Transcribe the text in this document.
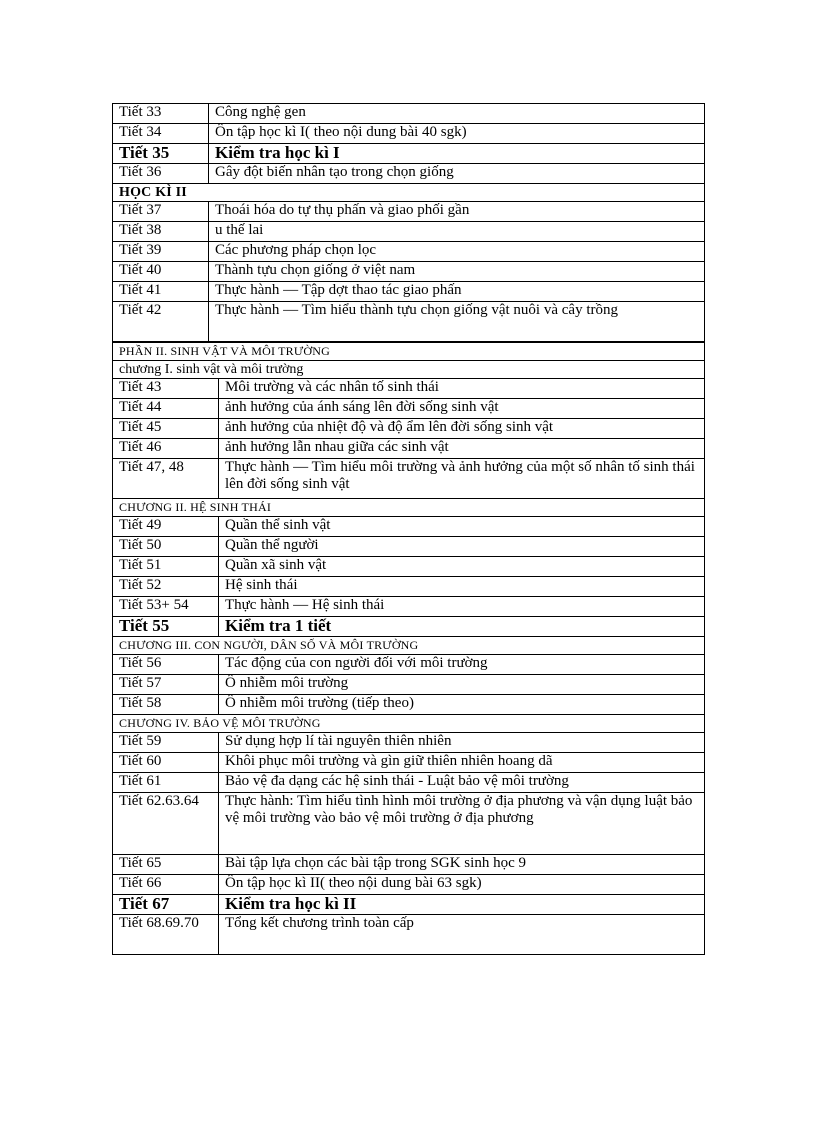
Tiết 33	Công nghệ gen
Tiết 34	Ôn tập học kì I( theo nội dung bài 40 sgk)
Tiết 35	Kiểm tra học kì I
Tiết 36	Gây đột biến nhân tạo trong chọn giống
HỌC KÌ II	
Tiết 37	Thoái hóa do tự thụ phấn và giao phối gần
Tiết 38	u thế lai
Tiết 39	Các phương pháp chọn lọc
Tiết 40	Thành tựu chọn giống ở việt nam
Tiết 41	Thực hành — Tập dợt thao tác giao phấn
Tiết 42	Thực hành — Tìm hiểu thành tựu chọn giống vật nuôi và cây trồng
PHẦN II. SINH VẬT VÀ MÔI TRƯỜNG	
chương I. sinh vật và môi trường	
Tiết 43	Môi trường và các nhân tố sinh thái
Tiết 44	ảnh hưởng của ánh sáng lên đời sống sinh vật
Tiết 45	ảnh hưởng của nhiệt độ và độ ẩm lên đời sống sinh vật
Tiết 46	ảnh hưởng lẫn nhau giữa các sinh vật
Tiết 47, 48	Thực hành — Tìm hiểu môi trường và ảnh hưởng của một số nhân tố sinh thái lên đời sống sinh vật
CHƯƠNG II. HỆ SINH THÁI	
Tiết 49	Quần thể sinh vật
Tiết 50	Quần thể người
Tiết 51	Quần xã sinh vật
Tiết 52	Hệ sinh thái
Tiết 53+ 54	Thực hành — Hệ sinh thái
Tiết 55	Kiểm tra 1 tiết
CHƯƠNG III. CON NGƯỜI, DÂN SỐ VÀ MÔI TRƯỜNG	
Tiết 56	Tác động của con người đối với môi trường
Tiết 57	Ô nhiễm môi trường
Tiết 58	Ô nhiễm môi trường (tiếp theo)
CHƯƠNG IV. BẢO VỆ MÔI TRƯỜNG	
Tiết 59	Sử dụng hợp lí tài nguyên thiên nhiên
Tiết 60	Khôi phục môi trường và gìn giữ thiên nhiên hoang dã
Tiết 61	Bảo vệ đa dạng các hệ sinh thái - Luật bảo vệ môi trường
Tiết 62.63.64	Thực hành: Tìm hiểu tình hình môi trường ở địa phương và vận dụng luật bảo vệ môi trường vào bảo vệ môi trường ở địa phương
Tiết 65	Bài tập lựa chọn các bài tập trong SGK sinh học 9
Tiết 66	Ôn tập học kì II( theo nội dung bài 63 sgk)
Tiết 67	Kiểm tra học kì II
Tiết 68.69.70	Tổng kết chương trình toàn cấp
